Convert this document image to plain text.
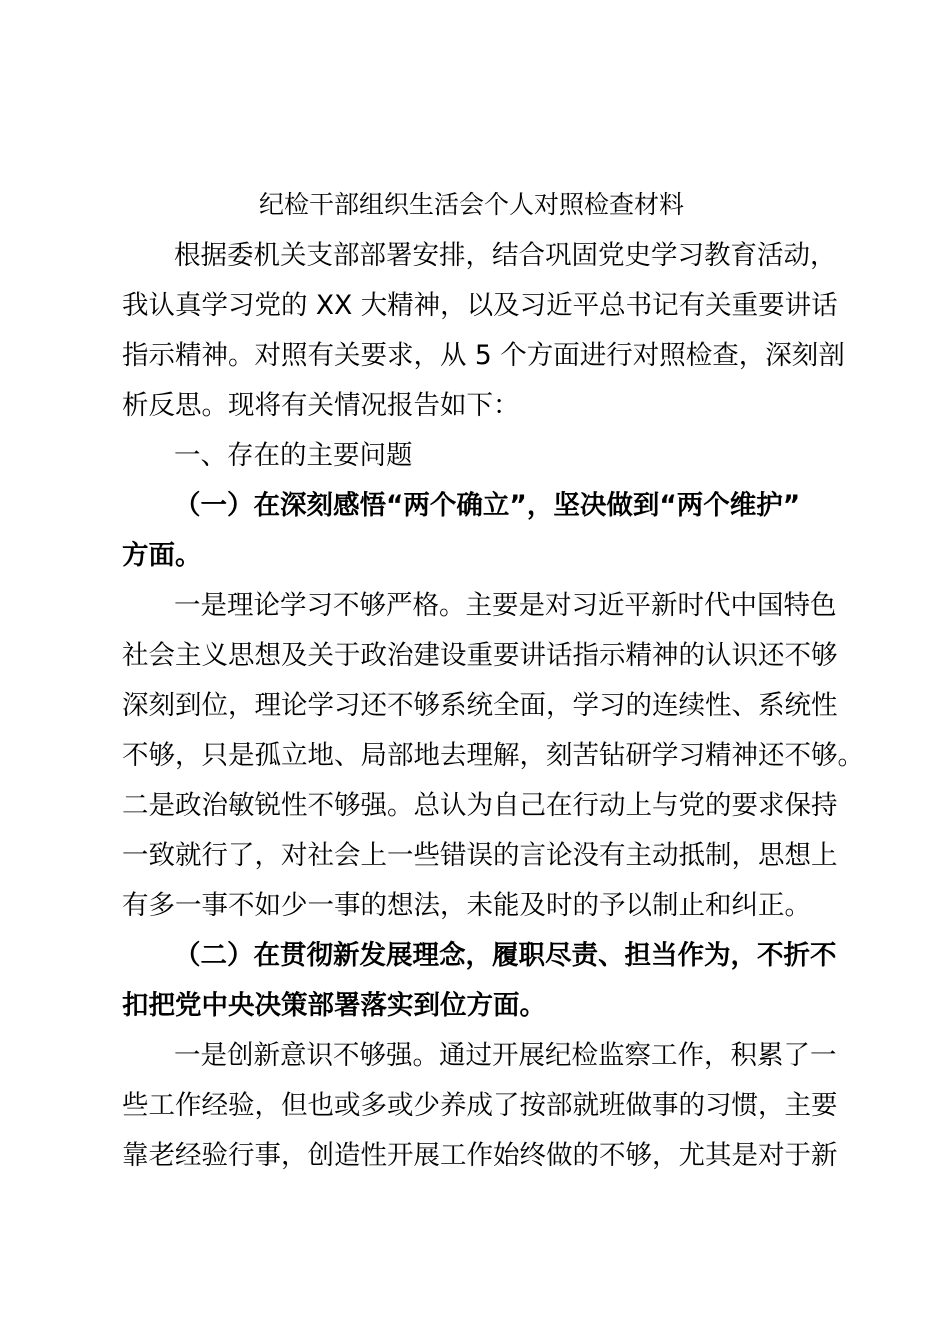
纪检干部组织生活会个人对照检查材料
根据委机关支部部署安排，结合巩固党史学习教育活动，
我认真学习党的 XX 大精神，以及习近平总书记有关重要讲话
指示精神。对照有关要求，从 5 个方面进行对照检查，深刻剖
析反思。现将有关情况报告如下：
一、存在的主要问题
（一）在深刻感悟“两个确立”，坚决做到“两个维护”
方面。
一是理论学习不够严格。主要是对习近平新时代中国特色
社会主义思想及关于政治建设重要讲话指示精神的认识还不够
深刻到位，理论学习还不够系统全面，学习的连续性、系统性
不够，只是孤立地、局部地去理解，刻苦钻研学习精神还不够。
二是政治敏锐性不够强。总认为自己在行动上与党的要求保持
一致就行了，对社会上一些错误的言论没有主动抵制，思想上
有多一事不如少一事的想法，未能及时的予以制止和纠正。
（二）在贯彻新发展理念，履职尽责、担当作为，不折不
扣把党中央决策部署落实到位方面。
一是创新意识不够强。通过开展纪检监察工作，积累了一
些工作经验，但也或多或少养成了按部就班做事的习惯，主要
靠老经验行事，创造性开展工作始终做的不够，尤其是对于新
